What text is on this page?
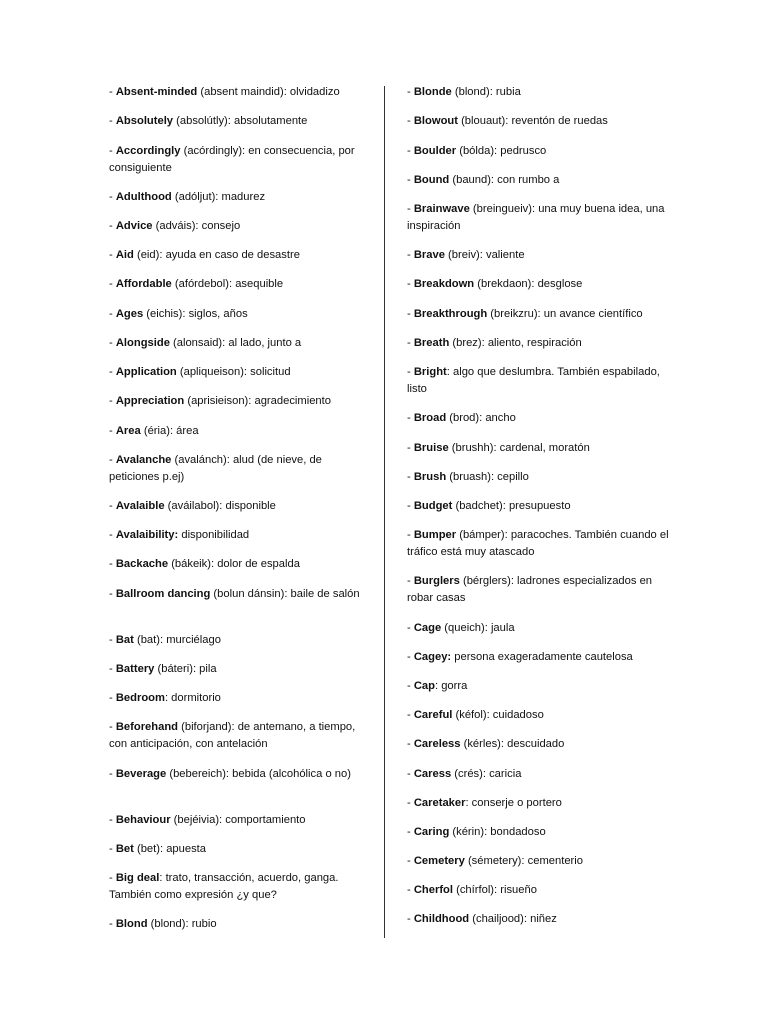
- Absent-minded (absent maindid): olvidadizo
- Absolutely (absolútly): absolutamente
- Accordingly (acórdingly): en consecuencia, por consiguiente
- Adulthood (adóljut): madurez
- Advice (adváis): consejo
- Aid (eid): ayuda en caso de desastre
- Affordable (afórdebol): asequible
- Ages (eichis): siglos, años
- Alongside (alonsaid): al lado, junto a
- Application (apliqueison): solicitud
- Appreciation (aprisieison): agradecimiento
- Area (éria): área
- Avalanche (avalánch): alud (de nieve, de peticiones p.ej)
- Avalaible (aváilabol): disponible
- Avalaibility: disponibilidad
- Backache (bákeik): dolor de espalda
- Ballroom dancing (bolun dánsin): baile de salón
- Bat (bat): murciélago
- Battery (báteri): pila
- Bedroom: dormitorio
- Beforehand (biforjand): de antemano, a tiempo, con anticipación, con antelación
- Beverage (bebereich): bebida (alcohólica o no)
- Behaviour (bejéivia): comportamiento
- Bet (bet): apuesta
- Big deal: trato, transacción, acuerdo, ganga. También como expresión ¿y que?
- Blond (blond): rubio
- Blonde (blond): rubia
- Blowout (blouaut): reventón de ruedas
- Boulder (bólda): pedrusco
- Bound (baund): con rumbo a
- Brainwave (breingueiv): una muy buena idea, una inspiración
- Brave (breiv): valiente
- Breakdown (brekdaon): desglose
- Breakthrough (breikzru): un avance científico
- Breath (brez): aliento, respiración
- Bright: algo que deslumbra. También espabilado, listo
- Broad (brod): ancho
- Bruise (brushh): cardenal, moratón
- Brush (bruash): cepillo
- Budget (badchet): presupuesto
- Bumper (bámper): paracoches. También cuando el tráfico está muy atascado
- Burglers (bérglers): ladrones especializados en robar casas
- Cage (queich): jaula
- Cagey: persona exageradamente cautelosa
- Cap: gorra
- Careful (kéfol): cuidadoso
- Careless (kérles): descuidado
- Caress (crés): caricia
- Caretaker: conserje o portero
- Caring (kérin): bondadoso
- Cemetery (sémetery): cementerio
- Cherfol (chírfol): risueño
- Childhood (chailjood): niñez
